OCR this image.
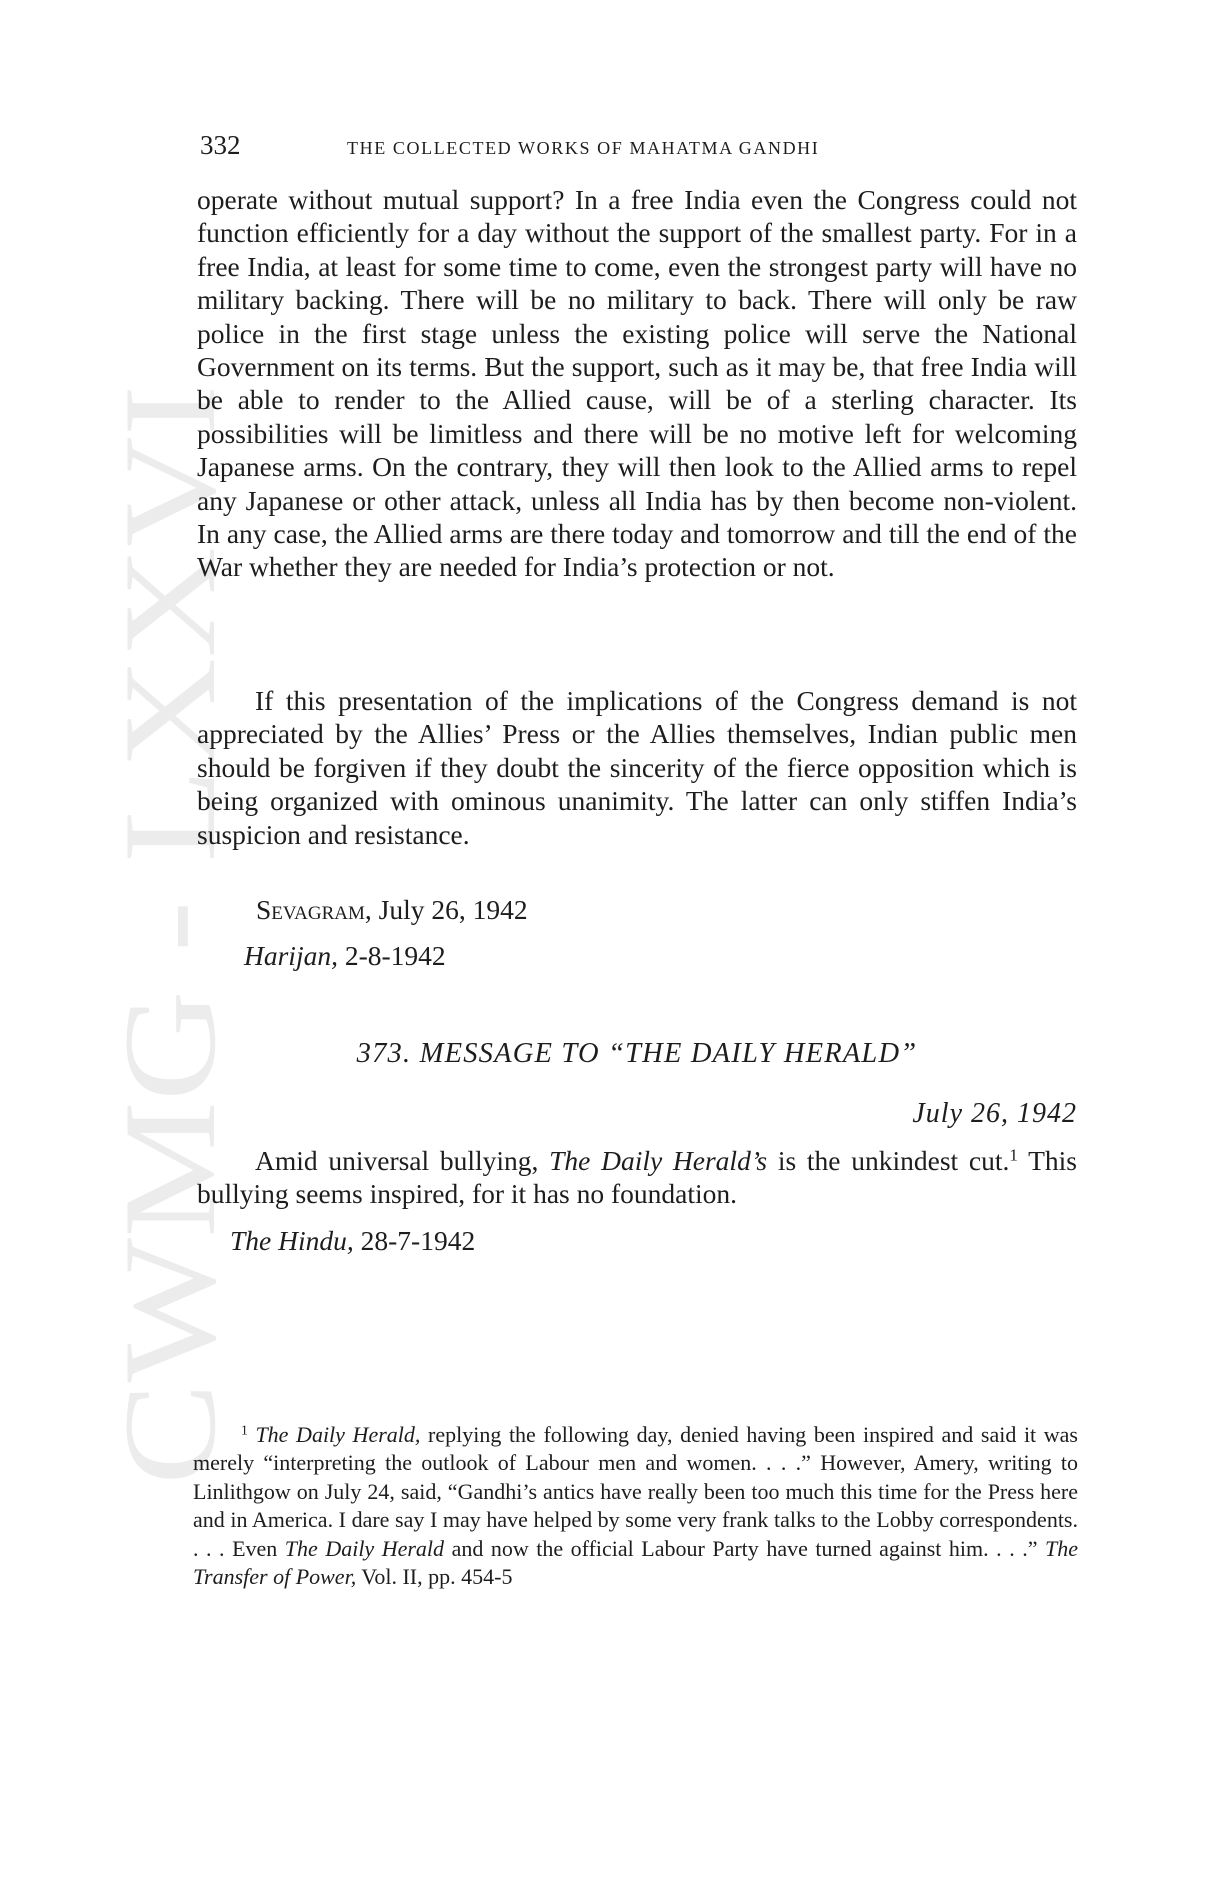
CWMG - LXXVI
332	THE COLLECTED WORKS OF MAHATMA GANDHI

operate without mutual support? In a free India even the Congress could not function efficiently for a day without the support of the smallest party. For in a free India, at least for some time to come, even the strongest party will have no military backing. There will be no military to back. There will only be raw police in the first stage unless the existing police will serve the National Government on its terms. But the support, such as it may be, that free India will be able to render to the Allied cause, will be of a sterling character. Its possibilities will be limitless and there will be no motive left for welcoming Japanese arms. On the contrary, they will then look to the Allied arms to repel any Japanese or other attack, unless all India has by then become non-violent. In any case, the Allied arms are there today and tomorrow and till the end of the War whether they are needed for India’s protection or not.

If this presentation of the implications of the Congress demand is not appreciated by the Allies’ Press or the Allies themselves, Indian public men should be forgiven if they doubt the sincerity of the fierce opposition which is being organized with ominous unanimity. The latter can only stiffen India’s suspicion and resistance.

Sevagram, July 26, 1942
Harijan, 2-8-1942
373. MESSAGE TO “THE DAILY HERALD”
July 26, 1942

Amid universal bullying, The Daily Herald’s is the unkindest cut.$^1$ This bullying seems inspired, for it has no foundation.

The Hindu, 28-7-1942

$^1$ The Daily Herald, replying the following day, denied having been inspired and said it was merely “interpreting the outlook of Labour men and women. . . .” However, Amery, writing to Linlithgow on July 24, said, “Gandhi’s antics have really been too much this time for the Press here and in America. I dare say I may have helped by some very frank talks to the Lobby correspondents. . . . Even The Daily Herald and now the official Labour Party have turned against him. . . .” The Transfer of Power, Vol. II, pp. 454-5
